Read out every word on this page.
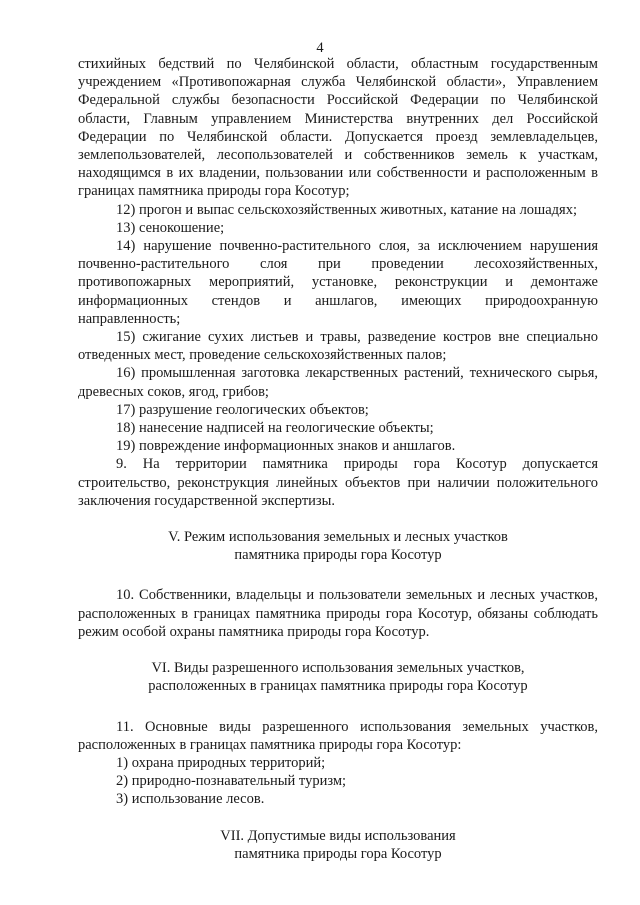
4

стихийных бедствий по Челябинской области, областным государственным учреждением «Противопожарная служба Челябинской области», Управлением Федеральной службы безопасности Российской Федерации по Челябинской области, Главным управлением Министерства внутренних дел Российской Федерации по Челябинской области. Допускается проезд землевладельцев, землепользователей, лесопользователей и собственников земель к участкам, находящимся в их владении, пользовании или собственности и расположенным в границах памятника природы гора Косотур;

12) прогон и выпас сельскохозяйственных животных, катание на лошадях;

13) сенокошение;

14) нарушение почвенно-растительного слоя, за исключением нарушения почвенно-растительного слоя при проведении лесохозяйственных, противопожарных мероприятий, установке, реконструкции и демонтаже информационных стендов и аншлагов, имеющих природоохранную направленность;

15) сжигание сухих листьев и травы, разведение костров вне специально отведенных мест, проведение сельскохозяйственных палов;

16) промышленная заготовка лекарственных растений, технического сырья, древесных соков, ягод, грибов;

17) разрушение геологических объектов;

18) нанесение надписей на геологические объекты;

19) повреждение информационных знаков и аншлагов.

9. На территории памятника природы гора Косотур допускается строительство, реконструкция линейных объектов при наличии положительного заключения государственной экспертизы.

V. Режим использования земельных и лесных участков
памятника природы гора Косотур

10. Собственники, владельцы и пользователи земельных и лесных участков, расположенных в границах памятника природы гора Косотур, обязаны соблюдать режим особой охраны памятника природы гора Косотур.

VI. Виды разрешенного использования земельных участков,
расположенных в границах памятника природы гора Косотур

11. Основные виды разрешенного использования земельных участков, расположенных в границах памятника природы гора Косотур:

1) охрана природных территорий;

2) природно-познавательный туризм;

3) использование лесов.

VII. Допустимые виды использования
памятника природы гора Косотур
